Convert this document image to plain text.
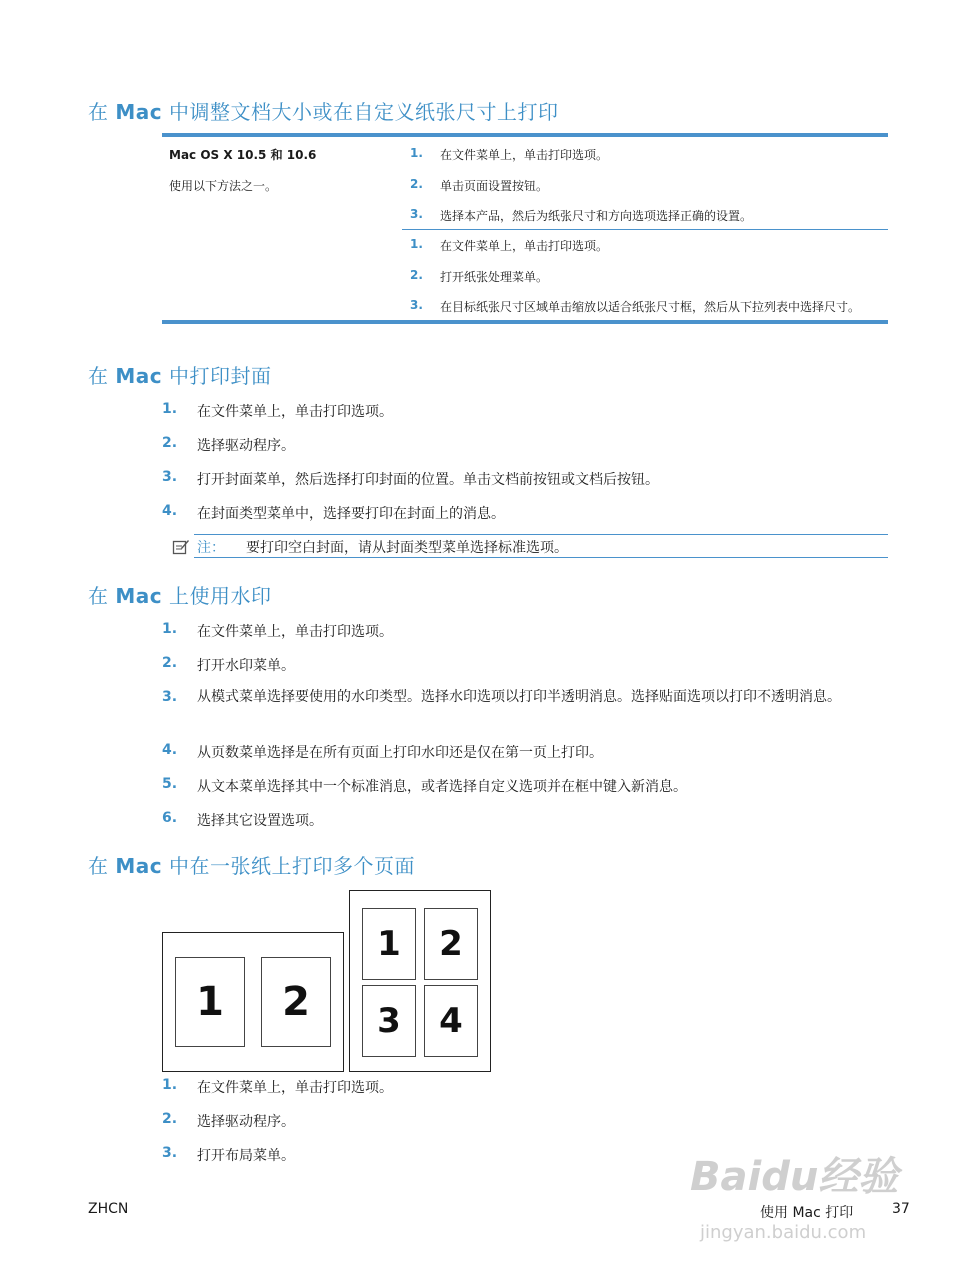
在 Mac 中调整文档大小或在自定义纸张尺寸上打印
Mac OS X 10.5 和 10.6
使用以下方法之一。
1. 在文件菜单上，单击打印选项。
2. 单击页面设置按钮。
3. 选择本产品，然后为纸张尺寸和方向选项选择正确的设置。
1. 在文件菜单上，单击打印选项。
2. 打开纸张处理菜单。
3. 在目标纸张尺寸区域单击缩放以适合纸张尺寸框，然后从下拉列表中选择尺寸。
在 Mac 中打印封面
1. 在文件菜单上，单击打印选项。
2. 选择驱动程序。
3. 打开封面菜单，然后选择打印封面的位置。单击文档前按钮或文档后按钮。
4. 在封面类型菜单中，选择要打印在封面上的消息。
注： 要打印空白封面，请从封面类型菜单选择标准选项。
在 Mac 上使用水印
1. 在文件菜单上，单击打印选项。
2. 打开水印菜单。
3. 从模式菜单选择要使用的水印类型。选择水印选项以打印半透明消息。选择贴面选项以打印不透明消息。
4. 从页数菜单选择是在所有页面上打印水印还是仅在第一页上打印。
5. 从文本菜单选择其中一个标准消息，或者选择自定义选项并在框中键入新消息。
6. 选择其它设置选项。
在 Mac 中在一张纸上打印多个页面
1	2
1	2
3	4
1. 在文件菜单上，单击打印选项。
2. 选择驱动程序。
3. 打开布局菜单。	Baidu经验
jingyan.baidu.com
ZHCN	使用 Mac 打印	37
